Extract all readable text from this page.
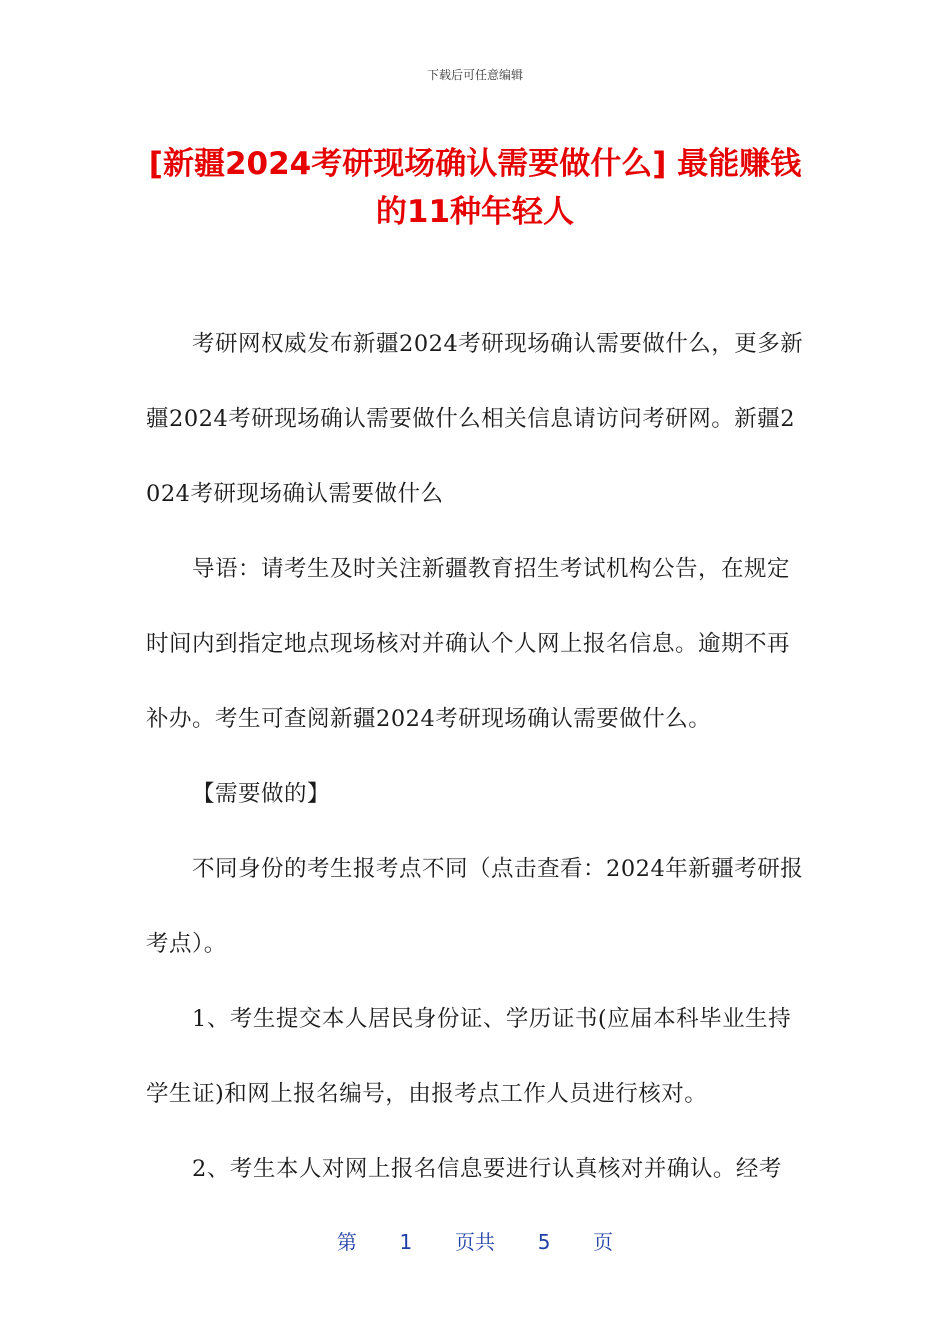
下载后可任意编辑
[新疆2024考研现场确认需要做什么] 最能赚钱的11种年轻人

考研网权威发布新疆2024考研现场确认需要做什么，更多新疆2024考研现场确认需要做什么相关信息请访问考研网。新疆2024考研现场确认需要做什么

导语：请考生及时关注新疆教育招生考试机构公告，在规定时间内到指定地点现场核对并确认个人网上报名信息。逾期不再补办。考生可查阅新疆2024考研现场确认需要做什么。

【需要做的】

不同身份的考生报考点不同（点击查看：2024年新疆考研报考点）。

1、考生提交本人居民身份证、学历证书(应届本科毕业生持学生证)和网上报名编号，由报考点工作人员进行核对。

2、考生本人对网上报名信息要进行认真核对并确认。经考

第 1 页共 5 页
